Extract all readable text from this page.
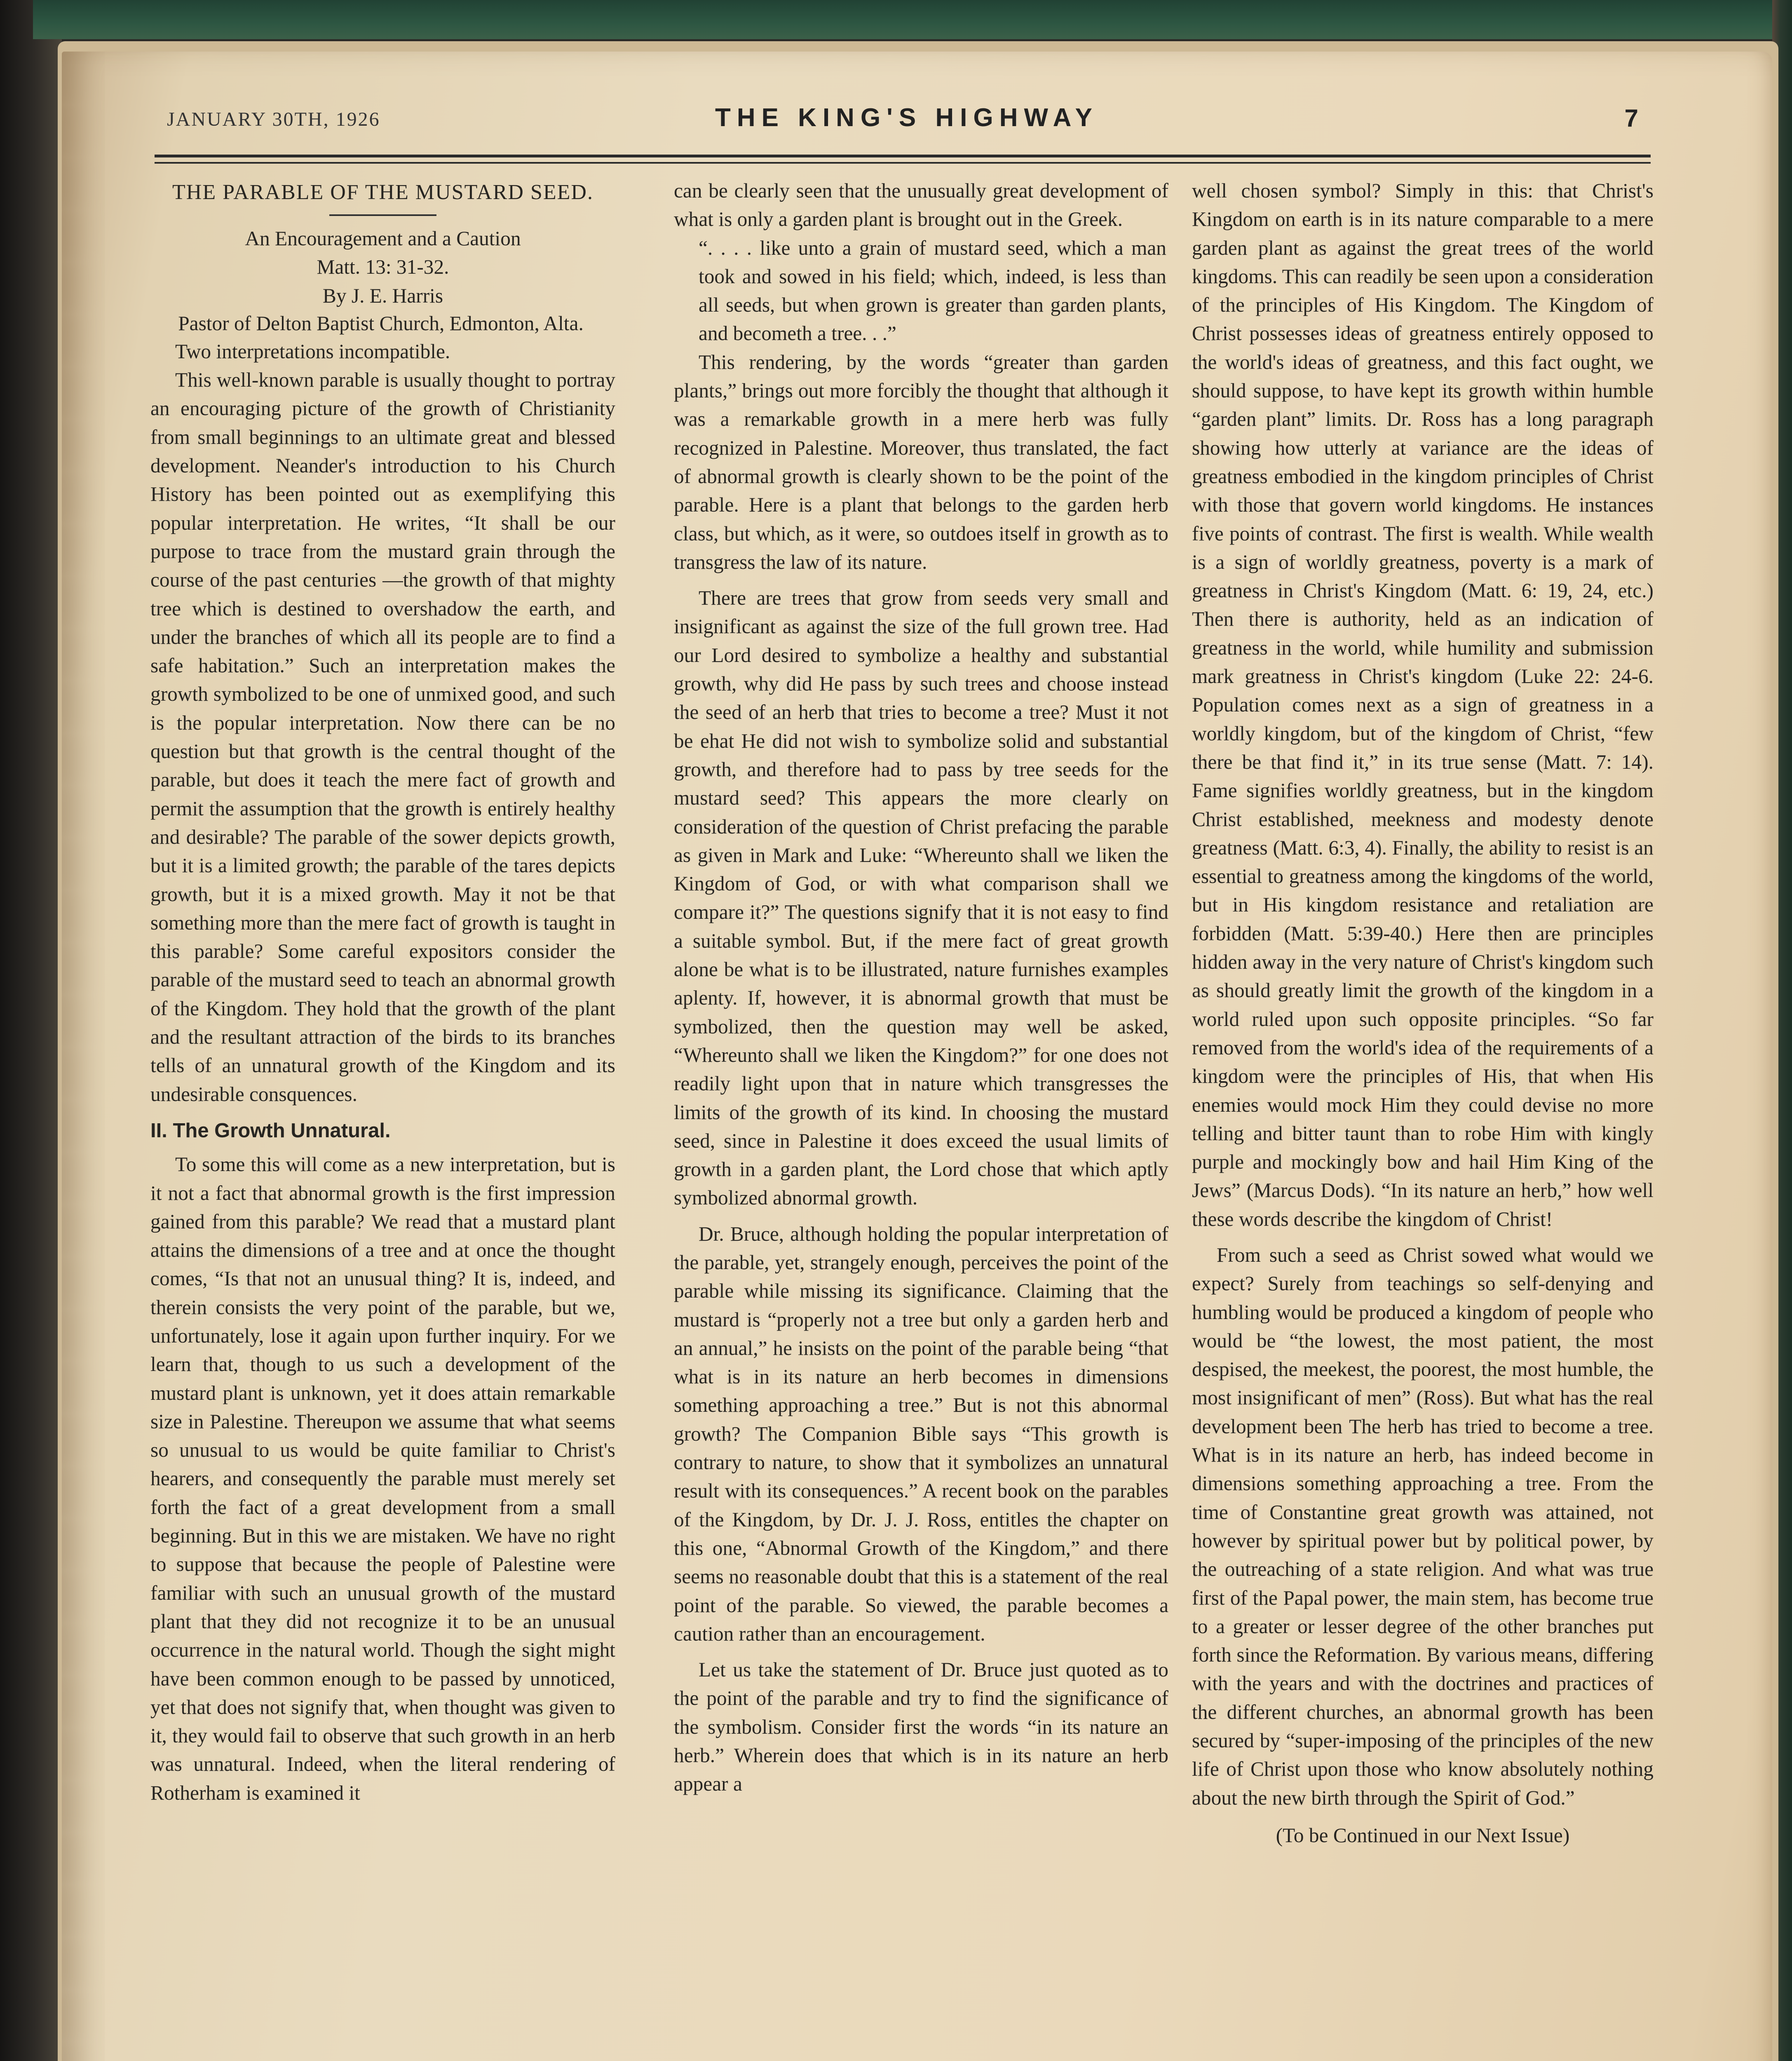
JANUARY 30TH, 1926	THE KING'S HIGHWAY	7
THE PARABLE OF THE MUSTARD SEED.
An Encouragement and a Caution
Matt. 13: 31-32.
By J. E. Harris
Pastor of Delton Baptist Church, Edmonton, Alta.

Two interpretations incompatible.

This well-known parable is usually thought to portray an encouraging picture of the growth of Christianity from small beginnings to an ultimate great and blessed development. Neander's introduction to his Church History has been pointed out as exemplifying this popular interpretation. He writes, “It shall be our purpose to trace from the mustard grain through the course of the past centuries —the growth of that mighty tree which is destined to overshadow the earth, and under the branches of which all its people are to find a safe habitation.” Such an interpretation makes the growth symbolized to be one of unmixed good, and such is the popular interpretation. Now there can be no question but that growth is the central thought of the parable, but does it teach the mere fact of growth and permit the assumption that the growth is entirely healthy and desirable? The parable of the sower depicts growth, but it is a limited growth; the parable of the tares depicts growth, but it is a mixed growth. May it not be that something more than the mere fact of growth is taught in this parable? Some careful expositors consider the parable of the mustard seed to teach an abnormal growth of the Kingdom. They hold that the growth of the plant and the resultant attraction of the birds to its branches tells of an unnatural growth of the Kingdom and its undesirable consquences.

II. The Growth Unnatural.

To some this will come as a new interpretation, but is it not a fact that abnormal growth is the first impression gained from this parable? We read that a mustard plant attains the dimensions of a tree and at once the thought comes, “Is that not an unusual thing? It is, indeed, and therein consists the very point of the parable, but we, unfortunately, lose it again upon further inquiry. For we learn that, though to us such a development of the mustard plant is unknown, yet it does attain remarkable size in Palestine. Thereupon we assume that what seems so unusual to us would be quite familiar to Christ's hearers, and consequently the parable must merely set forth the fact of a great development from a small beginning. But in this we are mistaken. We have no right to suppose that because the people of Palestine were familiar with such an unusual growth of the mustard plant that they did not recognize it to be an unusual occurrence in the natural world. Though the sight might have been common enough to be passed by unnoticed, yet that does not signify that, when thought was given to it, they would fail to observe that such growth in an herb was unnatural. Indeed, when the literal rendering of Rotherham is examined it

can be clearly seen that the unusually great development of what is only a garden plant is brought out in the Greek.

“. . . . like unto a grain of mustard seed, which a man took and sowed in his field; which, indeed, is less than all seeds, but when grown is greater than garden plants, and becometh a tree. . .”

This rendering, by the words “greater than garden plants,” brings out more forcibly the thought that although it was a remarkable growth in a mere herb was fully recognized in Palestine. Moreover, thus translated, the fact of abnormal growth is clearly shown to be the point of the parable. Here is a plant that belongs to the garden herb class, but which, as it were, so outdoes itself in growth as to transgress the law of its nature.

There are trees that grow from seeds very small and insignificant as against the size of the full grown tree. Had our Lord desired to symbolize a healthy and substantial growth, why did He pass by such trees and choose instead the seed of an herb that tries to become a tree? Must it not be ehat He did not wish to symbolize solid and substantial growth, and therefore had to pass by tree seeds for the mustard seed? This appears the more clearly on consideration of the question of Christ prefacing the parable as given in Mark and Luke: “Whereunto shall we liken the Kingdom of God, or with what comparison shall we compare it?” The questions signify that it is not easy to find a suitable symbol. But, if the mere fact of great growth alone be what is to be illustrated, nature furnishes examples aplenty. If, however, it is abnormal growth that must be symbolized, then the question may well be asked, “Whereunto shall we liken the Kingdom?” for one does not readily light upon that in nature which transgresses the limits of the growth of its kind. In choosing the mustard seed, since in Palestine it does exceed the usual limits of growth in a garden plant, the Lord chose that which aptly symbolized abnormal growth.

Dr. Bruce, although holding the popular interpretation of the parable, yet, strangely enough, perceives the point of the parable while missing its significance. Claiming that the mustard is “properly not a tree but only a garden herb and an annual,” he insists on the point of the parable being “that what is in its nature an herb becomes in dimensions something approaching a tree.” But is not this abnormal growth? The Companion Bible says “This growth is contrary to nature, to show that it symbolizes an unnatural result with its consequences.” A recent book on the parables of the Kingdom, by Dr. J. J. Ross, entitles the chapter on this one, “Abnormal Growth of the Kingdom,” and there seems no reasonable doubt that this is a statement of the real point of the parable. So viewed, the parable becomes a caution rather than an encouragement.

Let us take the statement of Dr. Bruce just quoted as to the point of the parable and try to find the significance of the symbolism. Consider first the words “in its nature an herb.” Wherein does that which is in its nature an herb appear a

well chosen symbol? Simply in this: that Christ's Kingdom on earth is in its nature comparable to a mere garden plant as against the great trees of the world kingdoms. This can readily be seen upon a consideration of the principles of His Kingdom. The Kingdom of Christ possesses ideas of greatness entirely opposed to the world's ideas of greatness, and this fact ought, we should suppose, to have kept its growth within humble “garden plant” limits. Dr. Ross has a long paragraph showing how utterly at variance are the ideas of greatness embodied in the kingdom principles of Christ with those that govern world kingdoms. He instances five points of contrast. The first is wealth. While wealth is a sign of worldly greatness, poverty is a mark of greatness in Christ's Kingdom (Matt. 6: 19, 24, etc.) Then there is authority, held as an indication of greatness in the world, while humility and submission mark greatness in Christ's kingdom (Luke 22: 24-6. Population comes next as a sign of greatness in a worldly kingdom, but of the kingdom of Christ, “few there be that find it,” in its true sense (Matt. 7: 14). Fame signifies worldly greatness, but in the kingdom Christ established, meekness and modesty denote greatness (Matt. 6:3, 4). Finally, the ability to resist is an essential to greatness among the kingdoms of the world, but in His kingdom resistance and retaliation are forbidden (Matt. 5:39-40.) Here then are principles hidden away in the very nature of Christ's kingdom such as should greatly limit the growth of the kingdom in a world ruled upon such opposite principles. “So far removed from the world's idea of the requirements of a kingdom were the principles of His, that when His enemies would mock Him they could devise no more telling and bitter taunt than to robe Him with kingly purple and mockingly bow and hail Him King of the Jews” (Marcus Dods). “In its nature an herb,” how well these words describe the kingdom of Christ!

From such a seed as Christ sowed what would we expect? Surely from teachings so self-denying and humbling would be produced a kingdom of people who would be “the lowest, the most patient, the most despised, the meekest, the poorest, the most humble, the most insignificant of men” (Ross). But what has the real development been The herb has tried to become a tree. What is in its nature an herb, has indeed become in dimensions something approaching a tree. From the time of Constantine great growth was attained, not however by spiritual power but by political power, by the outreaching of a state religion. And what was true first of the Papal power, the main stem, has become true to a greater or lesser degree of the other branches put forth since the Reformation. By various means, differing with the years and with the doctrines and practices of the different churches, an abnormal growth has been secured by “super-imposing of the principles of the new life of Christ upon those who know absolutely nothing about the new birth through the Spirit of God.”

(To be Continued in our Next Issue)
